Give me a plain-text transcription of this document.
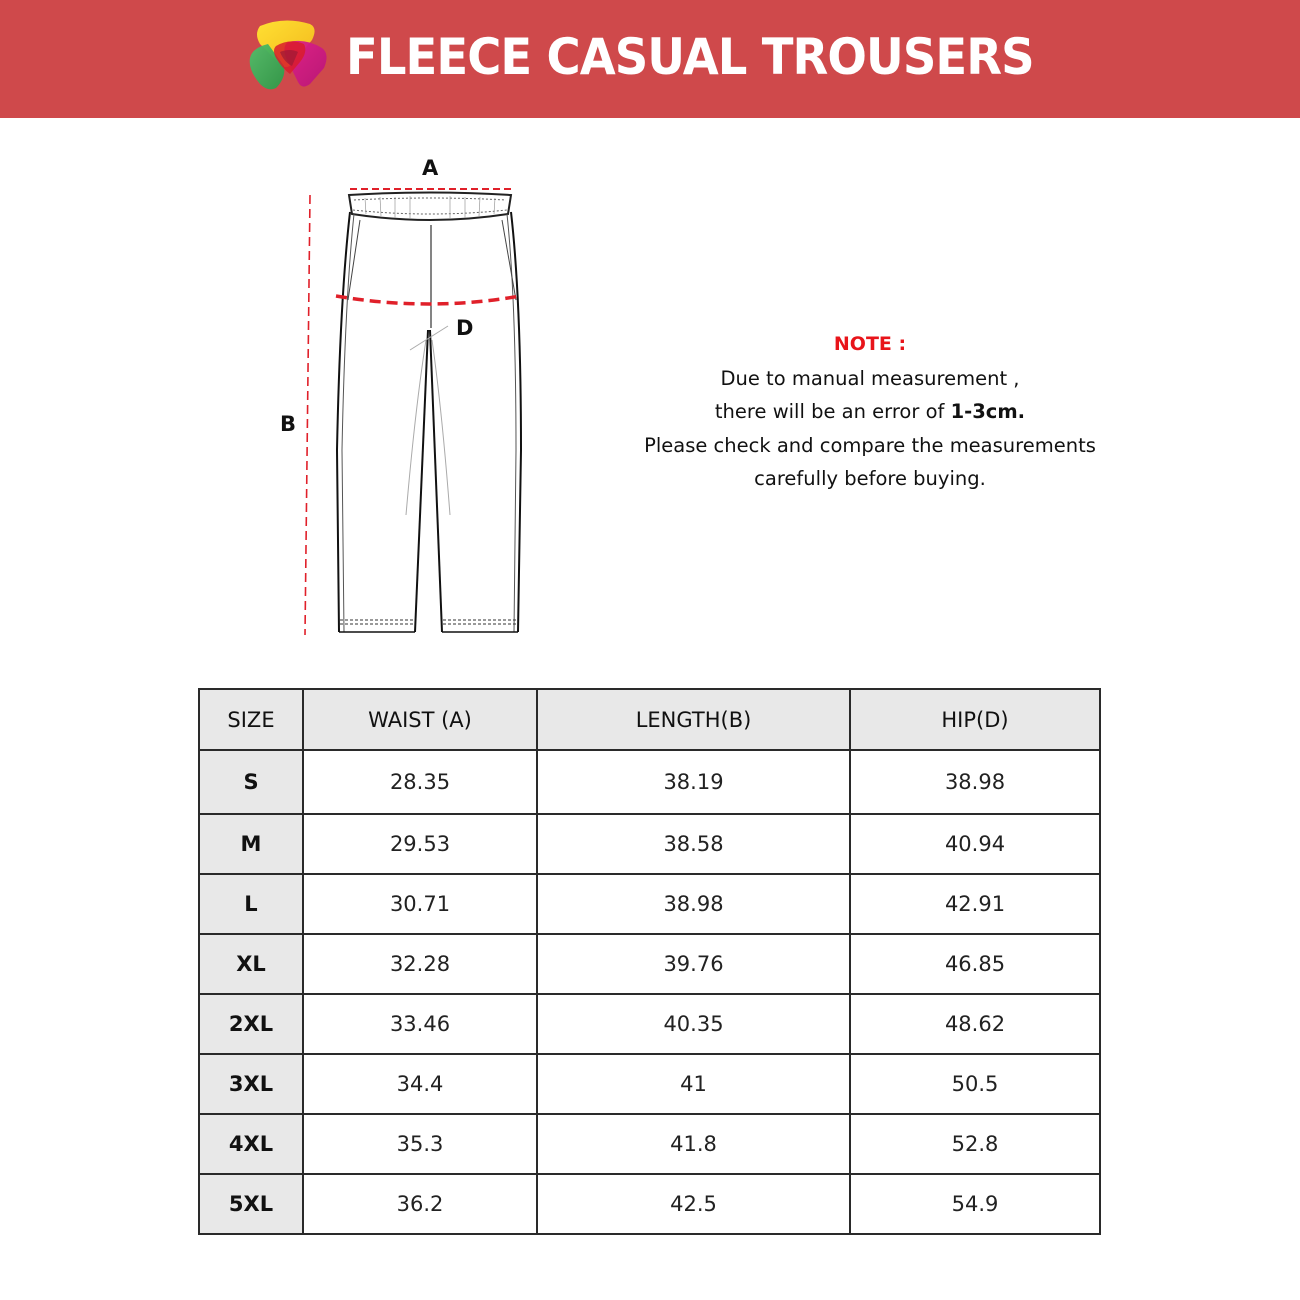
FLEECE CASUAL TROUSERS
A
B
D
NOTE :
Due to manual measurement ,
there will be an error of 1-3cm.
Please check and compare the measurements
carefully before buying.
SIZE	WAIST (A)	LENGTH(B)	HIP(D)
S	28.35	38.19	38.98
M	29.53	38.58	40.94
L	30.71	38.98	42.91
XL	32.28	39.76	46.85
2XL	33.46	40.35	48.62
3XL	34.4	41	50.5
4XL	35.3	41.8	52.8
5XL	36.2	42.5	54.9
